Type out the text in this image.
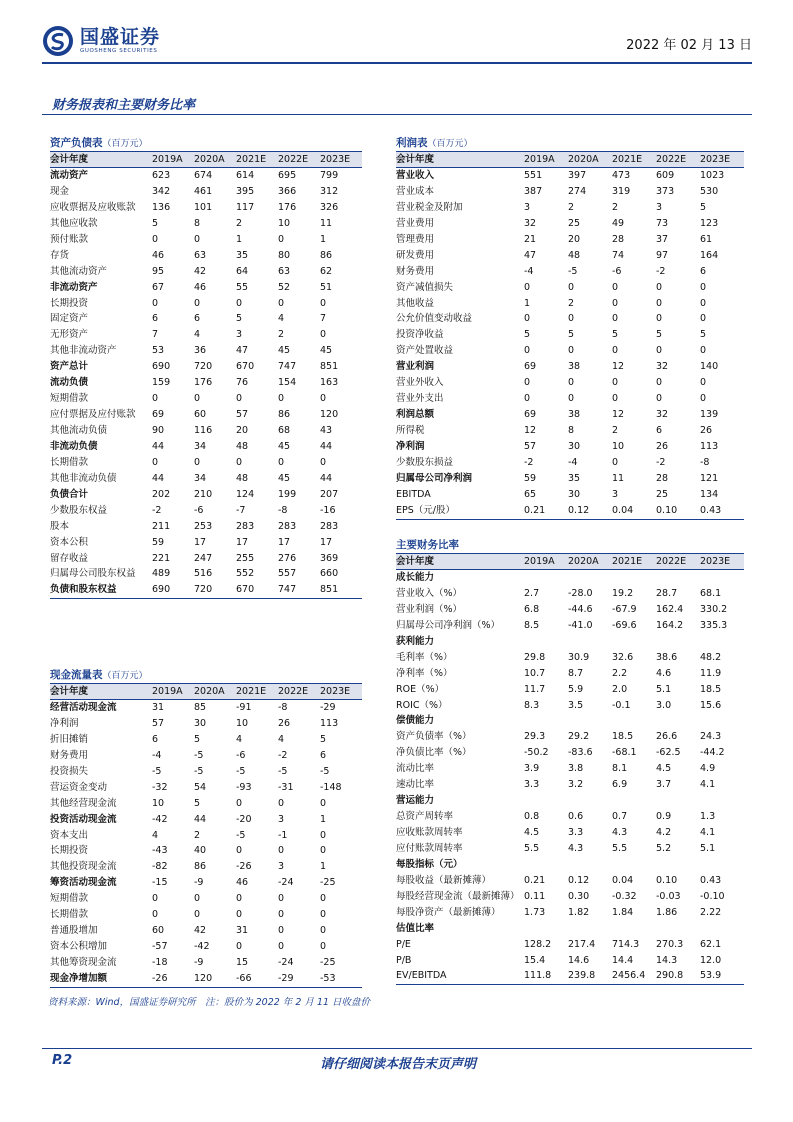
国盛证券
GUOSHENG SECURITIES	2022 年 02 月 13 日
财务报表和主要财务比率
资产负债表（百万元）
会计年度	2019A	2020A	2021E	2022E	2023E
流动资产	623	674	614	695	799
现金	342	461	395	366	312
应收票据及应收账款	136	101	117	176	326
其他应收款	5	8	2	10	11
预付账款	0	0	1	0	1
存货	46	63	35	80	86
其他流动资产	95	42	64	63	62
非流动资产	67	46	55	52	51
长期投资	0	0	0	0	0
固定资产	6	6	5	4	7
无形资产	7	4	3	2	0
其他非流动资产	53	36	47	45	45
资产总计	690	720	670	747	851
流动负债	159	176	76	154	163
短期借款	0	0	0	0	0
应付票据及应付账款	69	60	57	86	120
其他流动负债	90	116	20	68	43
非流动负债	44	34	48	45	44
长期借款	0	0	0	0	0
其他非流动负债	44	34	48	45	44
负债合计	202	210	124	199	207
少数股东权益	-2	-6	-7	-8	-16
股本	211	253	283	283	283
资本公积	59	17	17	17	17
留存收益	221	247	255	276	369
归属母公司股东权益	489	516	552	557	660
负债和股东权益	690	720	670	747	851
利润表（百万元）
会计年度	2019A	2020A	2021E	2022E	2023E
营业收入	551	397	473	609	1023
营业成本	387	274	319	373	530
营业税金及附加	3	2	2	3	5
营业费用	32	25	49	73	123
管理费用	21	20	28	37	61
研发费用	47	48	74	97	164
财务费用	-4	-5	-6	-2	6
资产减值损失	0	0	0	0	0
其他收益	1	2	0	0	0
公允价值变动收益	0	0	0	0	0
投资净收益	5	5	5	5	5
资产处置收益	0	0	0	0	0
营业利润	69	38	12	32	140
营业外收入	0	0	0	0	0
营业外支出	0	0	0	0	0
利润总额	69	38	12	32	139
所得税	12	8	2	6	26
净利润	57	30	10	26	113
少数股东损益	-2	-4	0	-2	-8
归属母公司净利润	59	35	11	28	121
EBITDA	65	30	3	25	134
EPS（元/股）	0.21	0.12	0.04	0.10	0.43
主要财务比率
会计年度	2019A	2020A	2021E	2022E	2023E
成长能力
营业收入（%）	2.7	-28.0	19.2	28.7	68.1
营业利润（%）	6.8	-44.6	-67.9	162.4	330.2
归属母公司净利润（%）	8.5	-41.0	-69.6	164.2	335.3
获利能力
毛利率（%）	29.8	30.9	32.6	38.6	48.2
净利率（%）	10.7	8.7	2.2	4.6	11.9
ROE（%）	11.7	5.9	2.0	5.1	18.5
ROIC（%）	8.3	3.5	-0.1	3.0	15.6
偿债能力
资产负债率（%）	29.3	29.2	18.5	26.6	24.3
净负债比率（%）	-50.2	-83.6	-68.1	-62.5	-44.2
流动比率	3.9	3.8	8.1	4.5	4.9
速动比率	3.3	3.2	6.9	3.7	4.1
营运能力
总资产周转率	0.8	0.6	0.7	0.9	1.3
应收账款周转率	4.5	3.3	4.3	4.2	4.1
应付账款周转率	5.5	4.3	5.5	5.2	5.1
每股指标（元）
每股收益（最新摊薄）	0.21	0.12	0.04	0.10	0.43
每股经营现金流（最新摊薄） 0.11	0.30	-0.32	-0.03	-0.10
每股净资产（最新摊薄）	1.73	1.82	1.84	1.86	2.22
估值比率
P/E	128.2	217.4	714.3	270.3	62.1
P/B	15.4	14.6	14.4	14.3	12.0
EV/EBITDA	111.8	239.8	2456.4	290.8	53.9
现金流量表（百万元）
会计年度	2019A	2020A	2021E	2022E	2023E
经营活动现金流	31	85	-91	-8	-29
净利润	57	30	10	26	113
折旧摊销	6	5	4	4	5
财务费用	-4	-5	-6	-2	6
投资损失	-5	-5	-5	-5	-5
营运资金变动	-32	54	-93	-31	-148
其他经营现金流	10	5	0	0	0
投资活动现金流	-42	44	-20	3	1
资本支出	4	2	-5	-1	0
长期投资	-43	40	0	0	0
其他投资现金流	-82	86	-26	3	1
筹资活动现金流	-15	-9	46	-24	-25
短期借款	0	0	0	0	0
长期借款	0	0	0	0	0
普通股增加	60	42	31	0	0
资本公积增加	-57	-42	0	0	0
其他筹资现金流	-18	-9	15	-24	-25
现金净增加额	-26	120	-66	-29	-53
资料来源：Wind，国盛证券研究所　注：股价为 2022 年 2 月 11 日收盘价
P.2	请仔细阅读本报告末页声明
